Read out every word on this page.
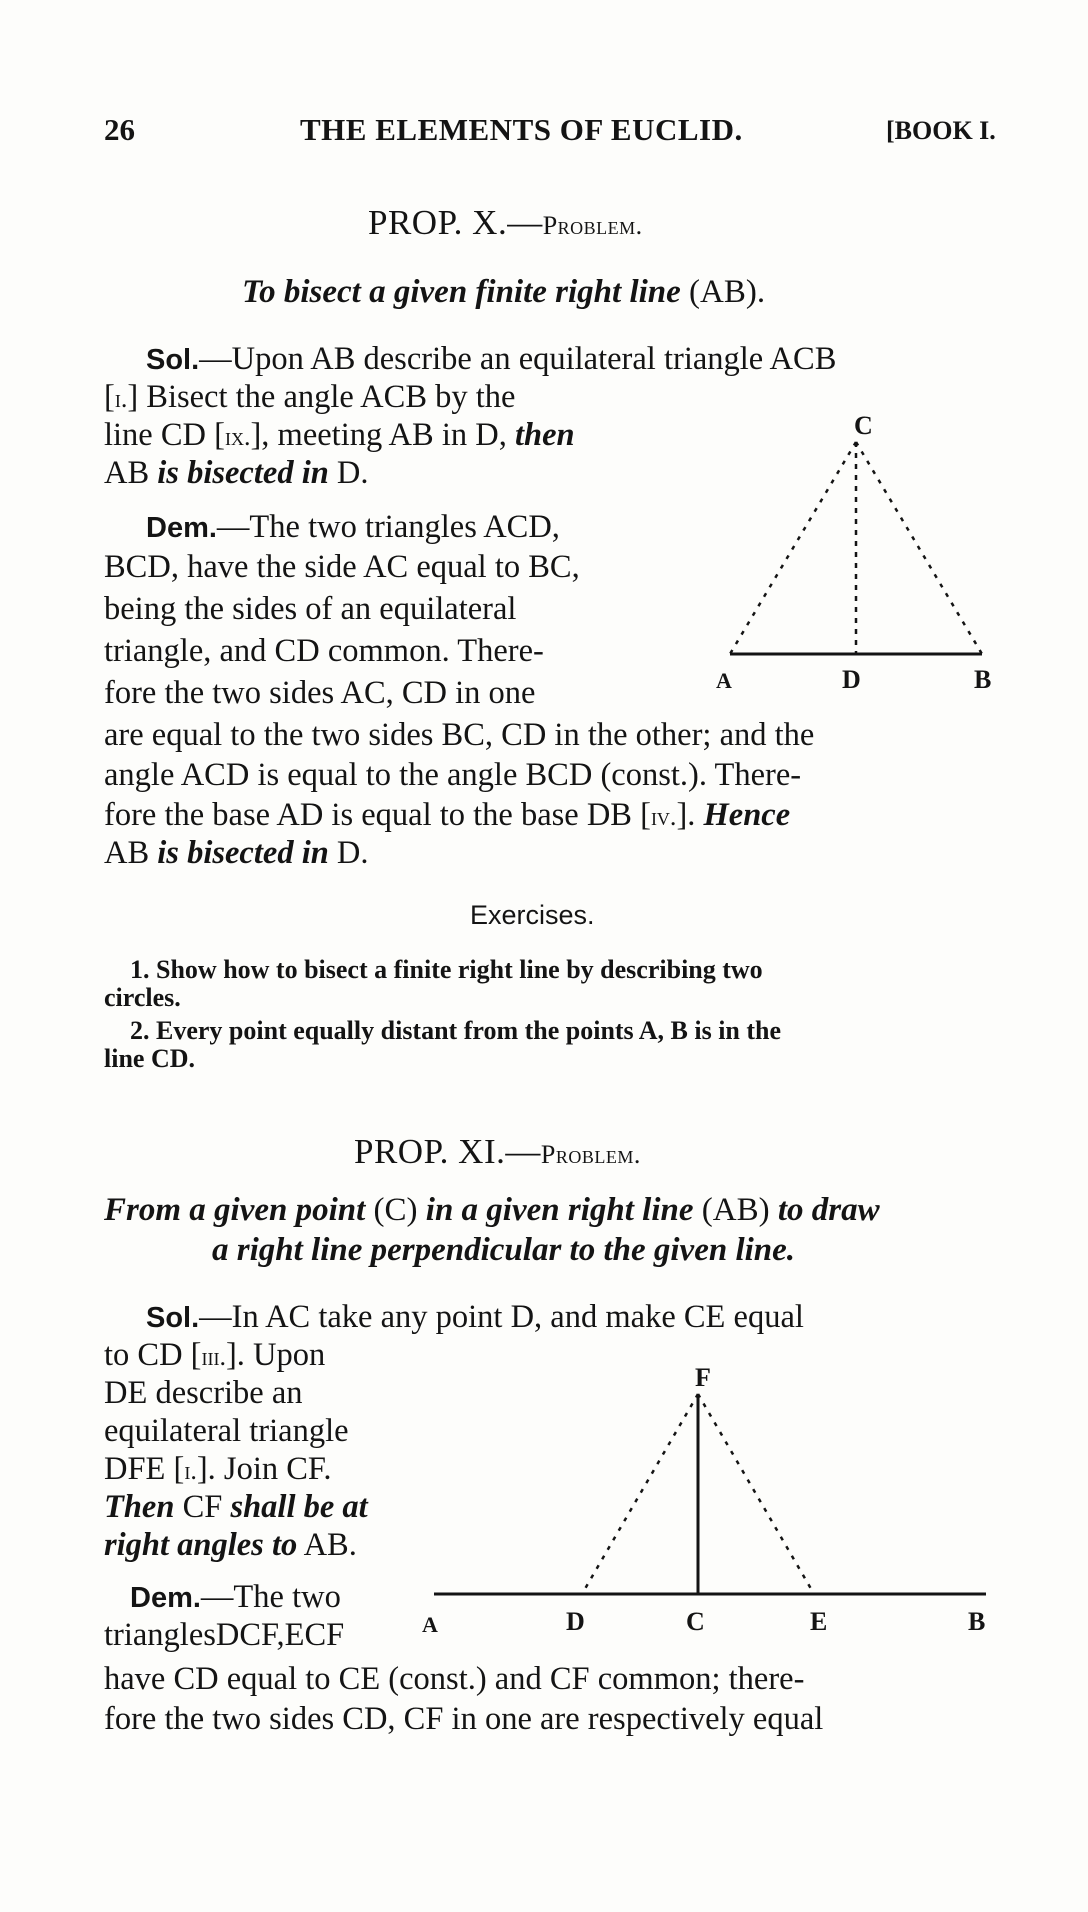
26	THE ELEMENTS OF EUCLID.	[BOOK I.
PROP. X.—Problem.
To bisect a given finite right line (AB).
Sol.—Upon AB describe an equilateral triangle ACB
[i.] Bisect the angle ACB by the
line CD [ix.], meeting AB in D, then
AB is bisected in D.
Dem.—The two triangles ACD,
BCD, have the side AC equal to BC,
being the sides of an equilateral
triangle, and CD common. There-
fore the two sides AC, CD in one
are equal to the two sides BC, CD in the other; and the
angle ACD is equal to the angle BCD (const.). There-
fore the base AD is equal to the base DB [iv.]. Hence
AB is bisected in D.
C
A	D	B
Exercises.
1. Show how to bisect a finite right line by describing two
circles.
2. Every point equally distant from the points A, B is in the
line CD.
PROP. XI.—Problem.
From a given point (C) in a given right line (AB) to draw
a right line perpendicular to the given line.
Sol.—In AC take any point D, and make CE equal
to CD [iii.]. Upon
DE describe an
equilateral triangle
DFE [i.]. Join CF.
Then CF shall be at
right angles to AB.
Dem.—The two
trianglesDCF,ECF
have CD equal to CE (const.) and CF common; there-
fore the two sides CD, CF in one are respectively equal
F
A	D	C	E	B
